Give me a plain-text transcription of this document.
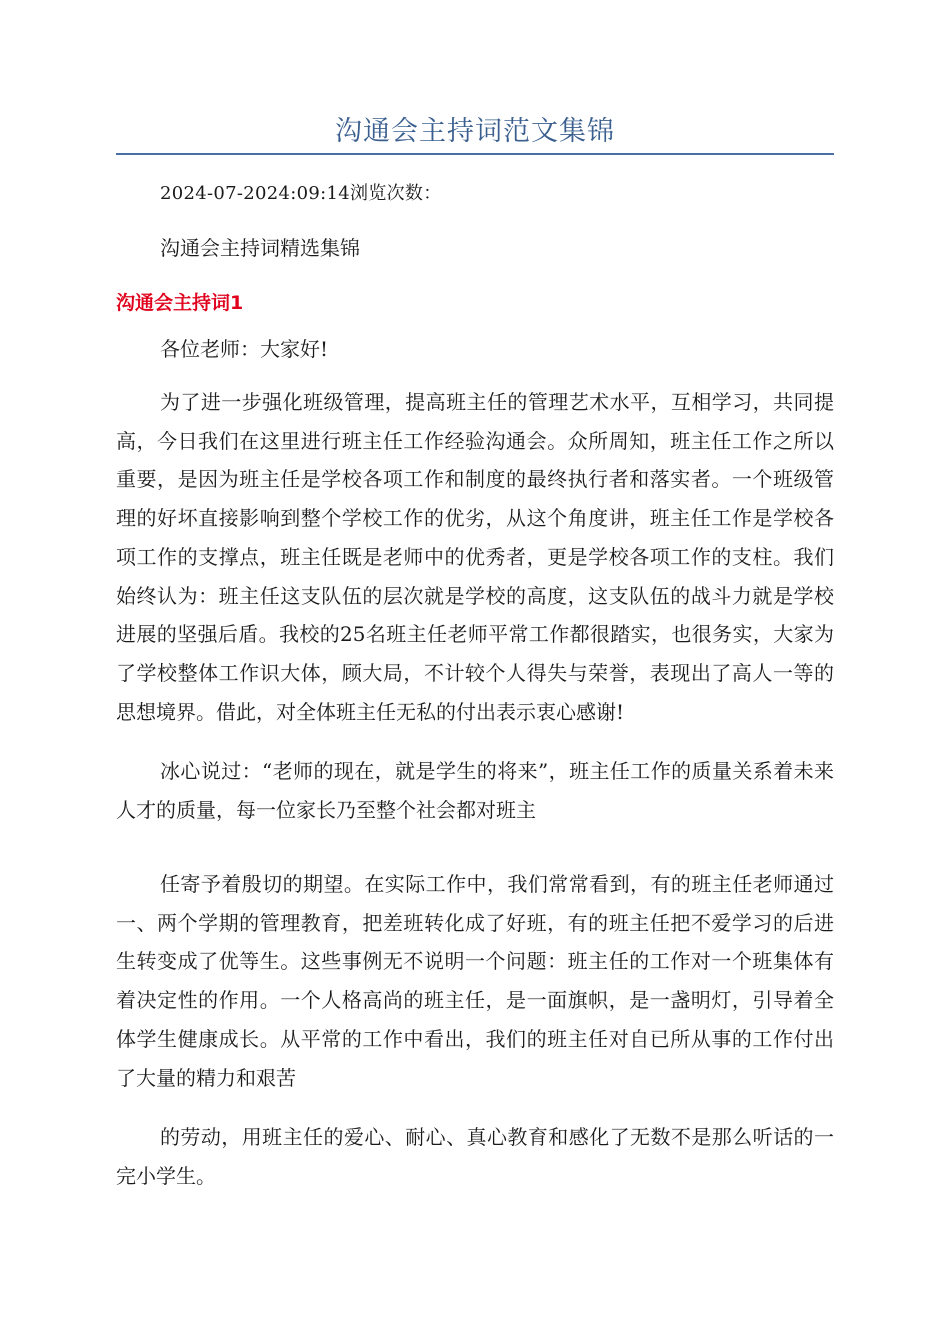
沟通会主持词范文集锦
2024-07-2024:09:14浏览次数：
沟通会主持词精选集锦
沟通会主持词1

各位老师：大家好!

为了进一步强化班级管理，提高班主任的管理艺术水平，互相学习，共同提高，今日我们在这里进行班主任工作经验沟通会。众所周知，班主任工作之所以重要，是因为班主任是学校各项工作和制度的最终执行者和落实者。一个班级管理的好坏直接影响到整个学校工作的优劣，从这个角度讲，班主任工作是学校各项工作的支撑点，班主任既是老师中的优秀者，更是学校各项工作的支柱。我们始终认为：班主任这支队伍的层次就是学校的高度，这支队伍的战斗力就是学校进展的坚强后盾。我校的25名班主任老师平常工作都很踏实，也很务实，大家为了学校整体工作识大体，顾大局，不计较个人得失与荣誉，表现出了高人一等的思想境界。借此，对全体班主任无私的付出表示衷心感谢!

冰心说过：“老师的现在，就是学生的将来”，班主任工作的质量关系着未来人才的质量，每一位家长乃至整个社会都对班主

任寄予着殷切的期望。在实际工作中，我们常常看到，有的班主任老师通过一、两个学期的管理教育，把差班转化成了好班，有的班主任把不爱学习的后进生转变成了优等生。这些事例无不说明一个问题：班主任的工作对一个班集体有着决定性的作用。一个人格高尚的班主任，是一面旗帜，是一盏明灯，引导着全体学生健康成长。从平常的工作中看出，我们的班主任对自已所从事的工作付出了大量的精力和艰苦

的劳动，用班主任的爱心、耐心、真心教育和感化了无数不是那么听话的一完小学生。
